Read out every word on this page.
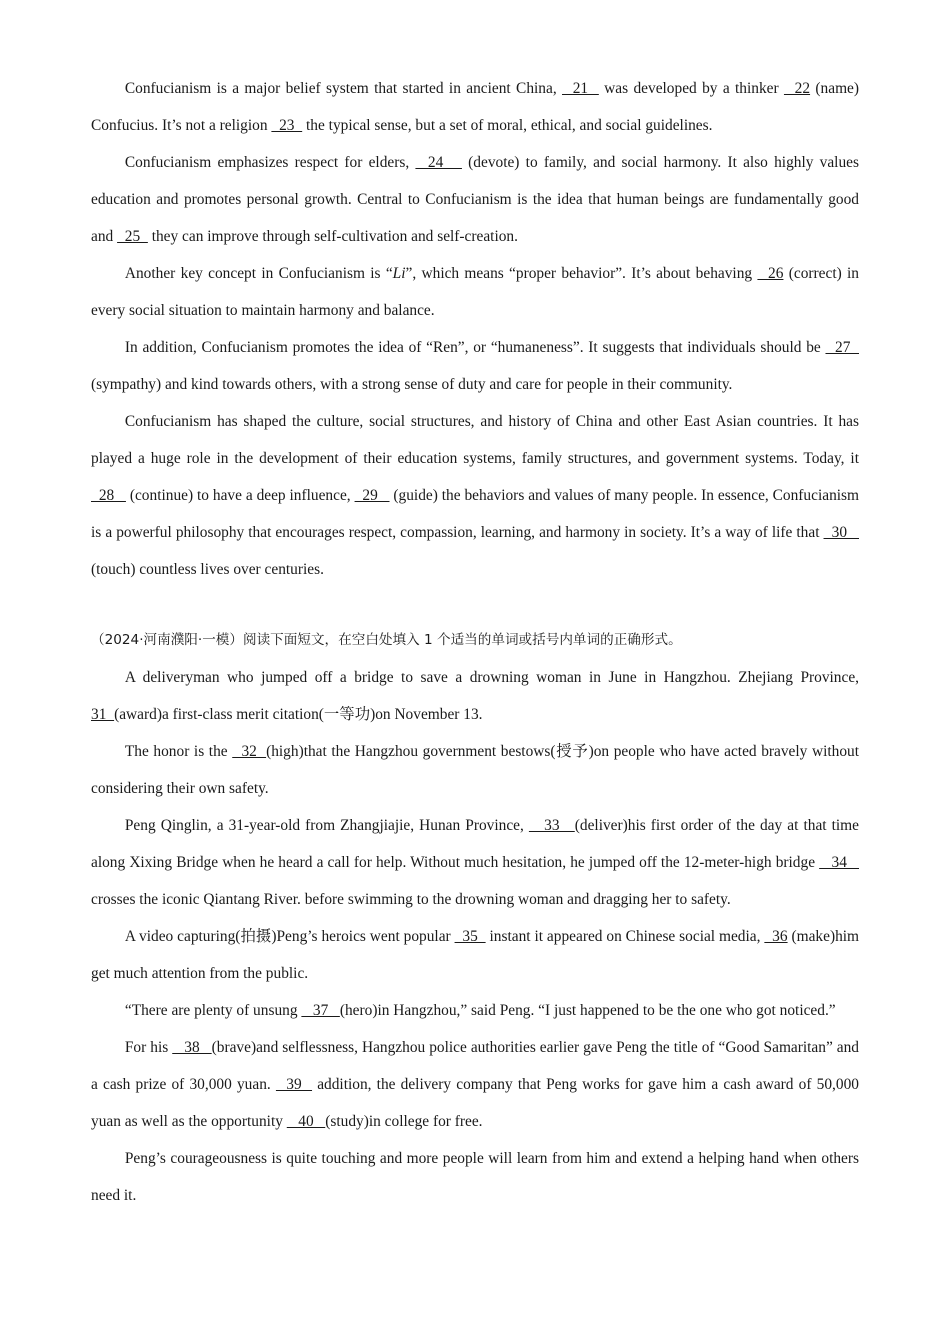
Confucianism is a major belief system that started in ancient China,   21   was developed by a thinker   22 (name) Confucius. It’s not a religion   23   the typical sense, but a set of moral, ethical, and social guidelines.

Confucianism emphasizes respect for elders,   24    (devote) to family, and social harmony. It also highly values education and promotes personal growth. Central to Confucianism is the idea that human beings are fundamentally good and   25   they can improve through self-cultivation and self-creation.

Another key concept in Confucianism is “Li”, which means “proper behavior”. It’s about behaving   26 (correct) in every social situation to maintain harmony and balance.

In addition, Confucianism promotes the idea of “Ren”, or “humaneness”. It suggests that individuals should be   27   (sympathy) and kind towards others, with a strong sense of duty and care for people in their community.

Confucianism has shaped the culture, social structures, and history of China and other East Asian countries. It has played a huge role in the development of their education systems, family structures, and government systems. Today, it   28    (continue) to have a deep influence,   29    (guide) the behaviors and values of many people. In essence, Confucianism is a powerful philosophy that encourages respect, compassion, learning, and harmony in society. It’s a way of life that   30    (touch) countless lives over centuries.

（2024·河南濮阳·一模）阅读下面短文，在空白处填入 1 个适当的单词或括号内单词的正确形式。

A deliveryman who jumped off a bridge to save a drowning woman in June in Hangzhou. Zhejiang Province, 31  (award)a first-class merit citation(一等功)on November 13.

The honor is the   32  (high)that the Hangzhou government bestows(授予)on people who have acted bravely without considering their own safety.

Peng Qinglin, a 31-year-old from Zhangjiajie, Hunan Province,    33   (deliver)his first order of the day at that time along Xixing Bridge when he heard a call for help. Without much hesitation, he jumped off the 12-meter-high bridge    34    crosses the iconic Qiantang River. before swimming to the drowning woman and dragging her to safety.

A video capturing(拍摄)Peng’s heroics went popular   35   instant it appeared on Chinese social media,   36 (make)him get much attention from the public.

“There are plenty of unsung    37   (hero)in Hangzhou,” said Peng. “I just happened to be the one who got noticed.”

For his    38   (brave)and selflessness, Hangzhou police authorities earlier gave Peng the title of “Good Samaritan” and a cash prize of 30,000 yuan.   39   addition, the delivery company that Peng works for gave him a cash award of 50,000 yuan as well as the opportunity    40   (study)in college for free.

Peng’s courageousness is quite touching and more people will learn from him and extend a helping hand when others need it.
